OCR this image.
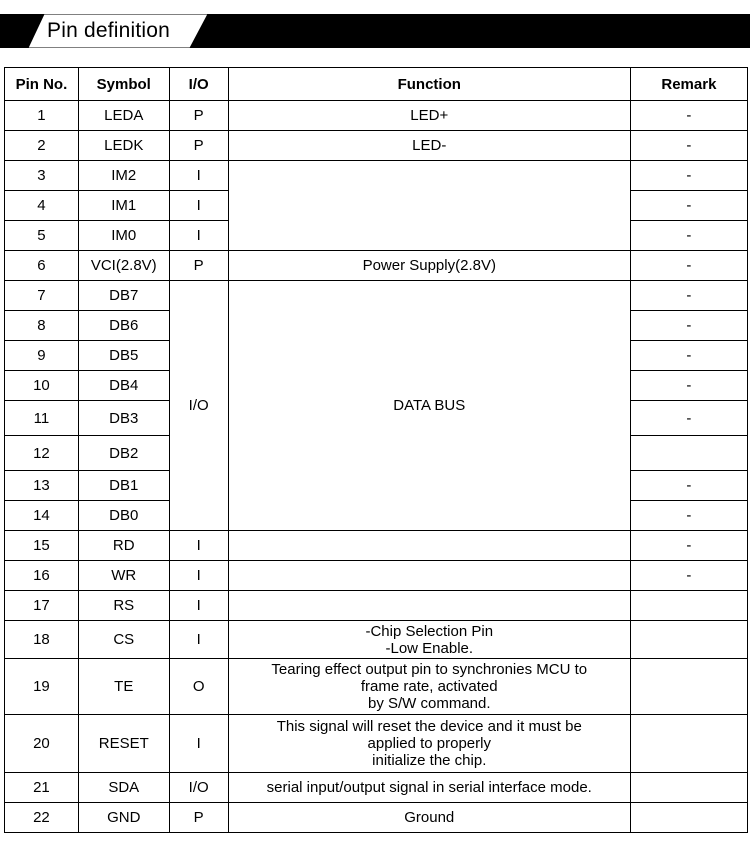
Pin definition
Pin No.	Symbol	I/O	Function	Remark
1	LEDA	P	LED+	-
2	LEDK	P	LED-	-
3	IM2	I		-
4	IM1	I		-
5	IM0	I		-
6	VCI(2.8V)	P	Power Supply(2.8V)	-
7	DB7	I/O	DATA BUS	-
8	DB6			-
9	DB5			-
10	DB4			-
11	DB3			-
12	DB2			
13	DB1			-
14	DB0			-
15	RD	I		-
16	WR	I		-
17	RS	I		
18	CS	I	-Chip Selection Pin
-Low Enable.	
19	TE	O	Tearing effect output pin to synchronies MCU to
frame rate, activated
by S/W command.	
20	RESET	I	This signal will reset the device and it must be
applied to properly
initialize the chip.	
21	SDA	I/O	serial input/output signal in serial interface mode.	
22	GND	P	Ground	
